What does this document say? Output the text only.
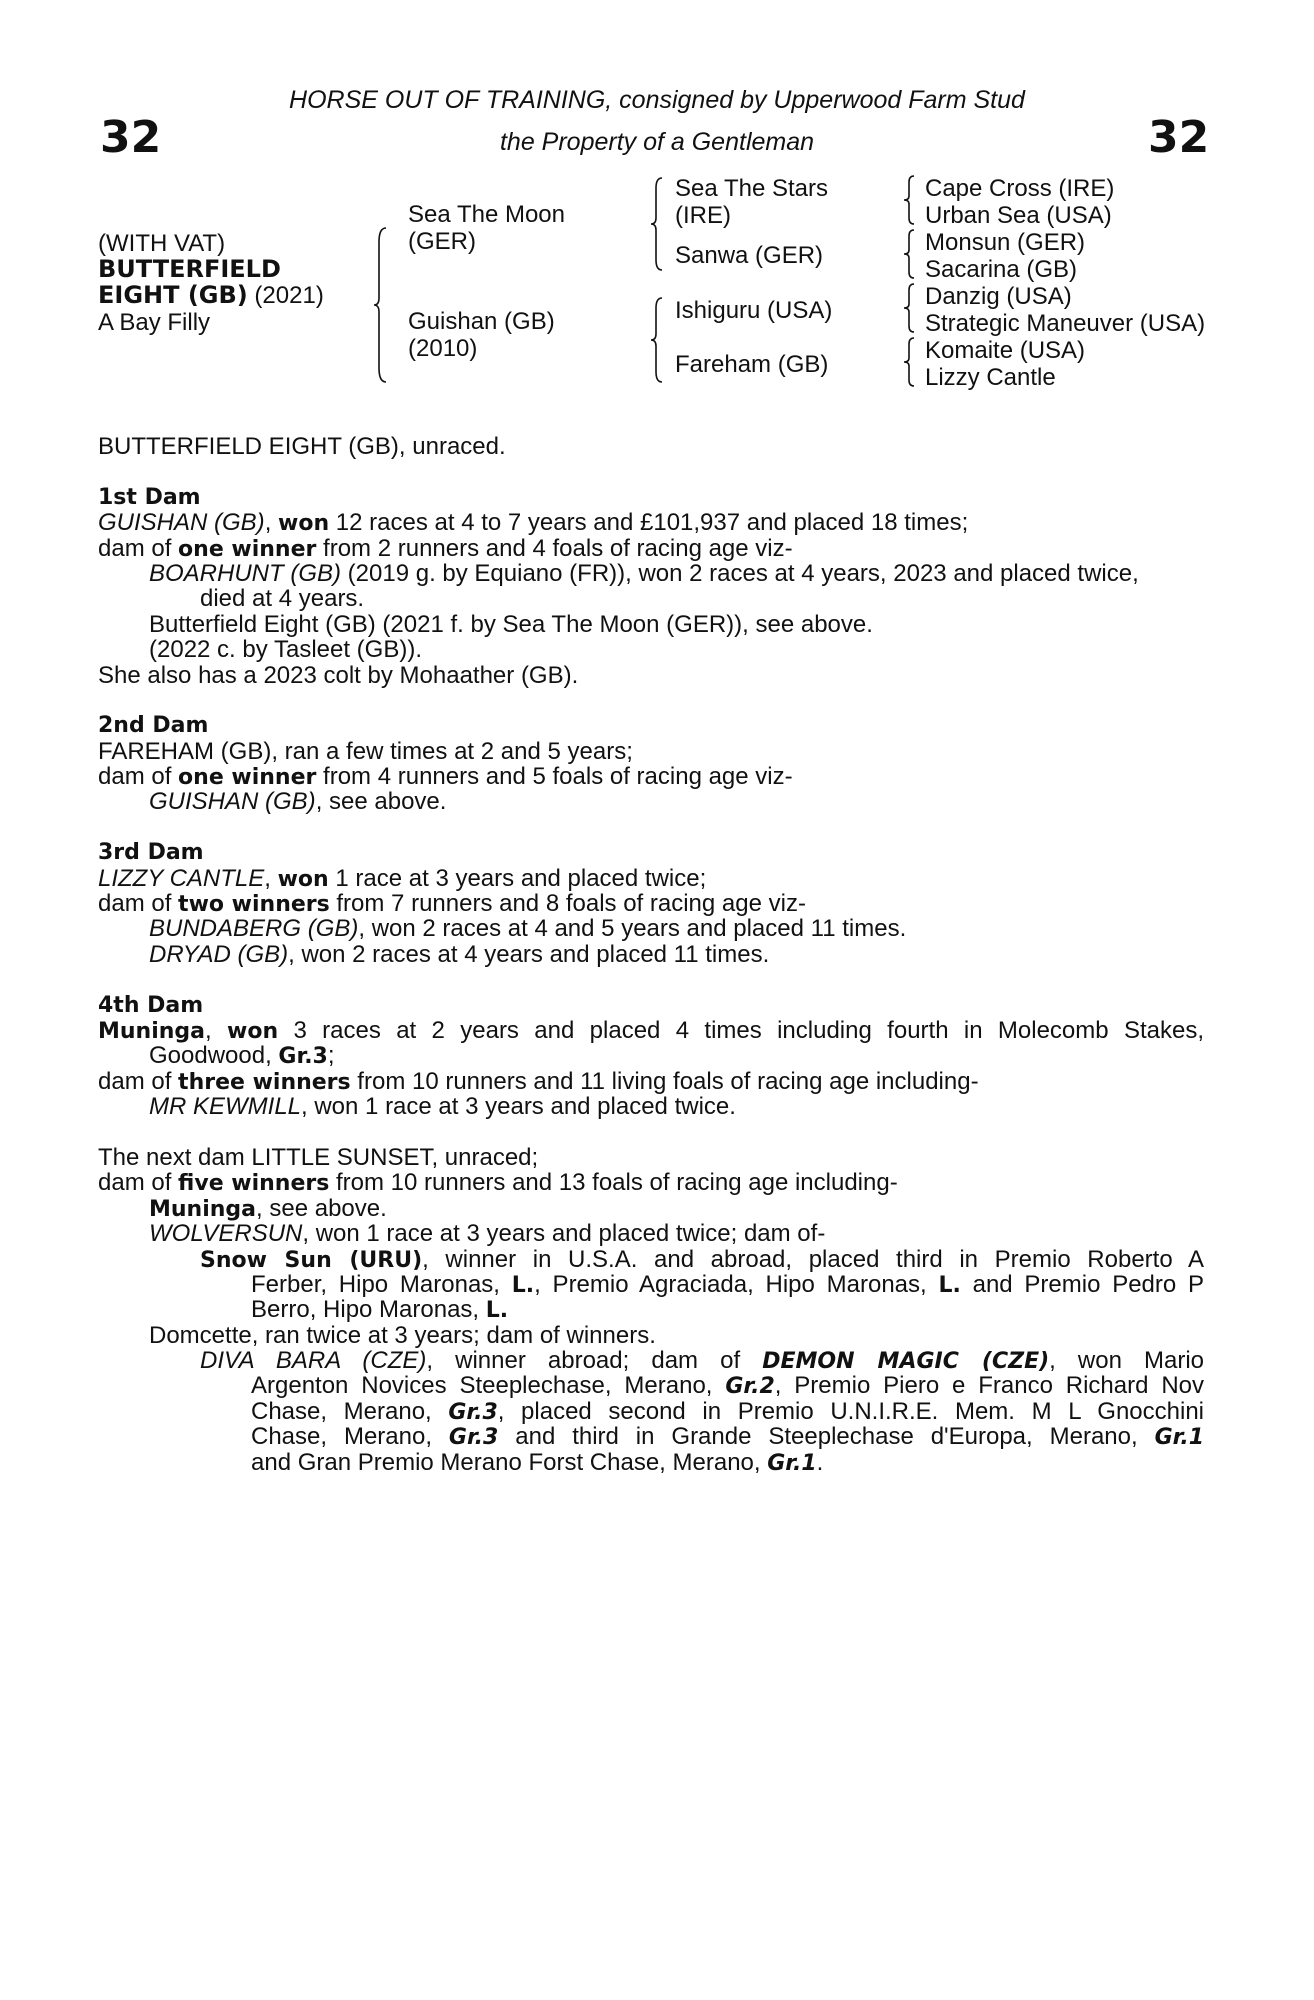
32	32
HORSE OUT OF TRAINING, consigned by Upperwood Farm Stud
the Property of a Gentleman
(WITH VAT)
BUTTERFIELD
EIGHT (GB) (2021)
A Bay Filly
Sea The Moon
(GER)
Guishan (GB)
(2010)
Sea The Stars
(IRE)
Sanwa (GER)
Ishiguru (USA)
Fareham (GB)
Cape Cross (IRE)
Urban Sea (USA)
Monsun (GER)
Sacarina (GB)
Danzig (USA)
Strategic Maneuver (USA)
Komaite (USA)
Lizzy Cantle
BUTTERFIELD EIGHT (GB), unraced.
1st Dam
GUISHAN (GB), won 12 races at 4 to 7 years and £101,937 and placed 18 times;
dam of one winner from 2 runners and 4 foals of racing age viz-
BOARHUNT (GB) (2019 g. by Equiano (FR)), won 2 races at 4 years, 2023 and placed twice,
died at 4 years.
Butterfield Eight (GB) (2021 f. by Sea The Moon (GER)), see above.
(2022 c. by Tasleet (GB)).
She also has a 2023 colt by Mohaather (GB).
2nd Dam
FAREHAM (GB), ran a few times at 2 and 5 years;
dam of one winner from 4 runners and 5 foals of racing age viz-
GUISHAN (GB), see above.
3rd Dam
LIZZY CANTLE, won 1 race at 3 years and placed twice;
dam of two winners from 7 runners and 8 foals of racing age viz-
BUNDABERG (GB), won 2 races at 4 and 5 years and placed 11 times.
DRYAD (GB), won 2 races at 4 years and placed 11 times.
4th Dam
Muninga, won 3 races at 2 years and placed 4 times including fourth in Molecomb Stakes,
Goodwood, Gr.3;
dam of three winners from 10 runners and 11 living foals of racing age including-
MR KEWMILL, won 1 race at 3 years and placed twice.
The next dam LITTLE SUNSET, unraced;
dam of five winners from 10 runners and 13 foals of racing age including-
Muninga, see above.
WOLVERSUN, won 1 race at 3 years and placed twice; dam of-
Snow Sun (URU), winner in U.S.A. and abroad, placed third in Premio Roberto A
Ferber, Hipo Maronas, L., Premio Agraciada, Hipo Maronas, L. and Premio Pedro P
Berro, Hipo Maronas, L.
Domcette, ran twice at 3 years; dam of winners.
DIVA BARA (CZE), winner abroad; dam of DEMON MAGIC (CZE), won Mario
Argenton Novices Steeplechase, Merano, Gr.2, Premio Piero e Franco Richard Nov
Chase, Merano, Gr.3, placed second in Premio U.N.I.R.E. Mem. M L Gnocchini
Chase, Merano, Gr.3 and third in Grande Steeplechase d'Europa, Merano, Gr.1
and Gran Premio Merano Forst Chase, Merano, Gr.1.
